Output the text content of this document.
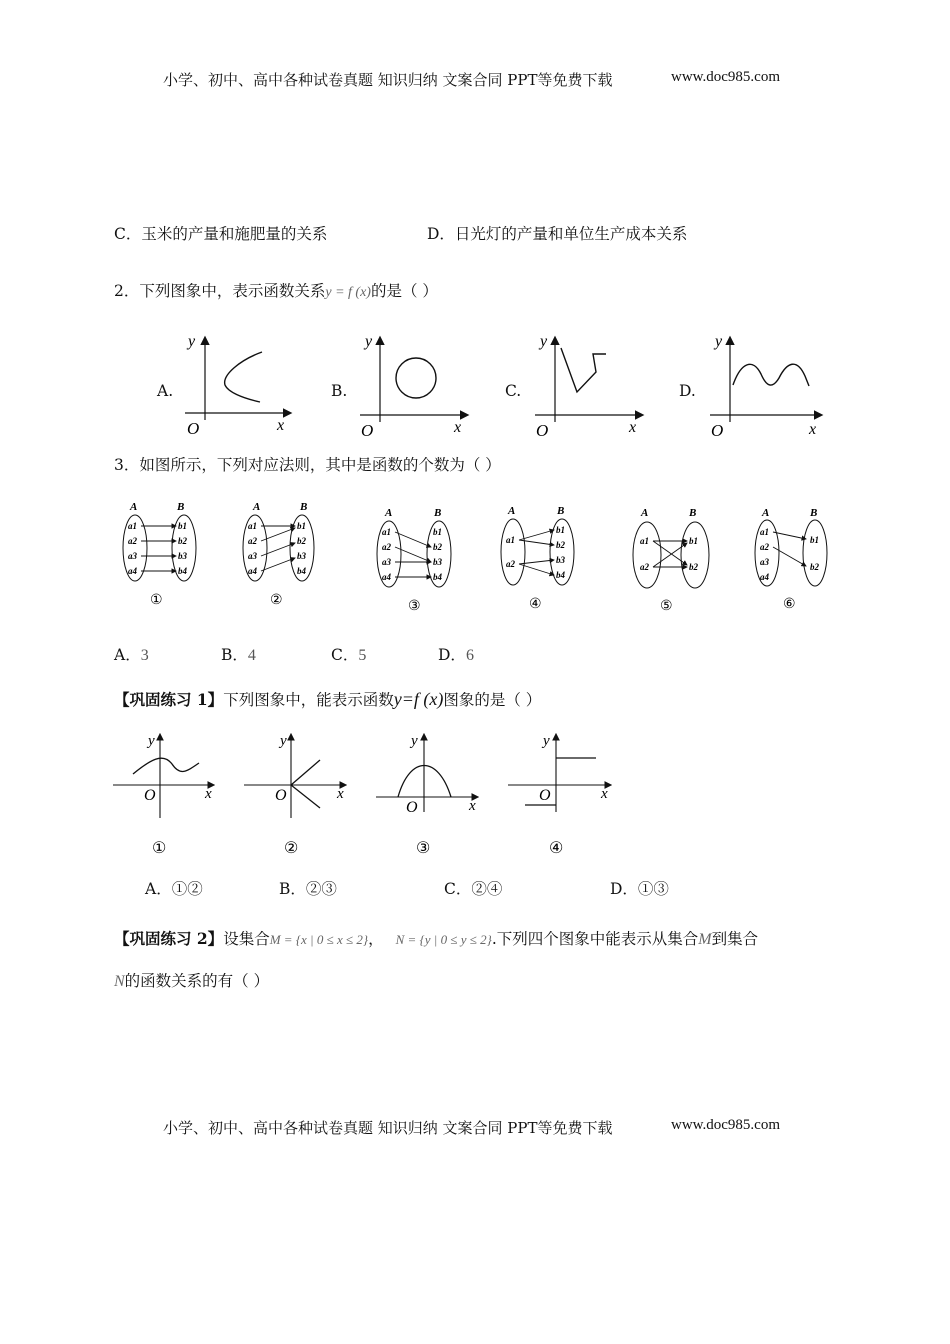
小学、初中、高中各种试卷真题 知识归纳 文案合同 PPT等免费下载	www.doc985.com
C．玉米的产量和施肥量的关系	D．日光灯的产量和单位生产成本关系
2．下列图象中，表示函数关系y = f (x)的是（ ）
A.
y
x
O
B.
y
x
O
C.
y
x
O
D.
y
x
O
3．如图所示，下列对应法则，其中是函数的个数为（ ）
A	B
a1
a2
a3
a4
b1
b2
b3
b4
①
A	B
a1
a2
a3
a4
b1
b2
b3
b4
②
A	B
a1
a2
a3
a4
b1
b2
b3
b4
③
A	B
a1
a2
b1
b2
b3
b4
④
A	B
a1
a2
b1
b2
⑤
A	B
a1
a2
a3
a4
b1
b2
⑥
A．3	B．4	C．5	D．6
【巩固练习 1】下列图象中，能表示函数y=f (x)图象的是（ ）
y
x
O
①
y
x
O
②
y
x
O
③
y
x
O
④
A．①②	B．②③	C．②④	D．①③
【巩固练习 2】设集合M = {x | 0 ≤ x ≤ 2}， N = {y | 0 ≤ y ≤ 2}.下列四个图象中能表示从集合M到集合
N的函数关系的有（ ）
小学、初中、高中各种试卷真题 知识归纳 文案合同 PPT等免费下载	www.doc985.com
